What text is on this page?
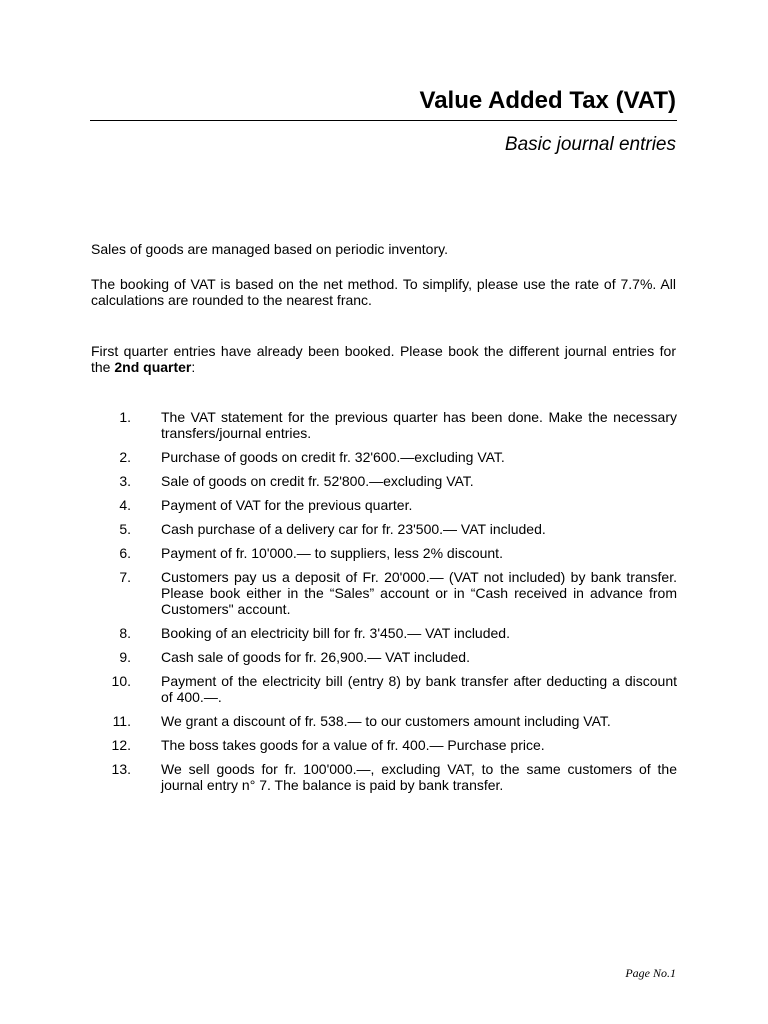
Value Added Tax (VAT)
Basic journal entries
Sales of goods are managed based on periodic inventory.
The booking of VAT is based on the net method. To simplify, please use the rate of 7.7%. All calculations are rounded to the nearest franc.
First quarter entries have already been booked. Please book the different journal entries for the 2nd quarter:
1. The VAT statement for the previous quarter has been done. Make the necessary transfers/journal entries.
2. Purchase of goods on credit fr. 32'600.—excluding VAT.
3. Sale of goods on credit fr. 52'800.—excluding VAT.
4. Payment of VAT for the previous quarter.
5. Cash purchase of a delivery car for fr. 23'500.— VAT included.
6. Payment of fr. 10'000.— to suppliers, less 2% discount.
7. Customers pay us a deposit of Fr. 20'000.— (VAT not included) by bank transfer. Please book either in the “Sales” account or in “Cash received in advance from Customers" account.
8. Booking of an electricity bill for fr. 3'450.— VAT included.
9. Cash sale of goods for fr. 26,900.— VAT included.
10. Payment of the electricity bill (entry 8) by bank transfer after deducting a discount of 400.—.
11. We grant a discount of fr. 538.— to our customers amount including VAT.
12. The boss takes goods for a value of fr. 400.— Purchase price.
13. We sell goods for fr. 100'000.—, excluding VAT, to the same customers of the journal entry n° 7. The balance is paid by bank transfer.
Page No.1
